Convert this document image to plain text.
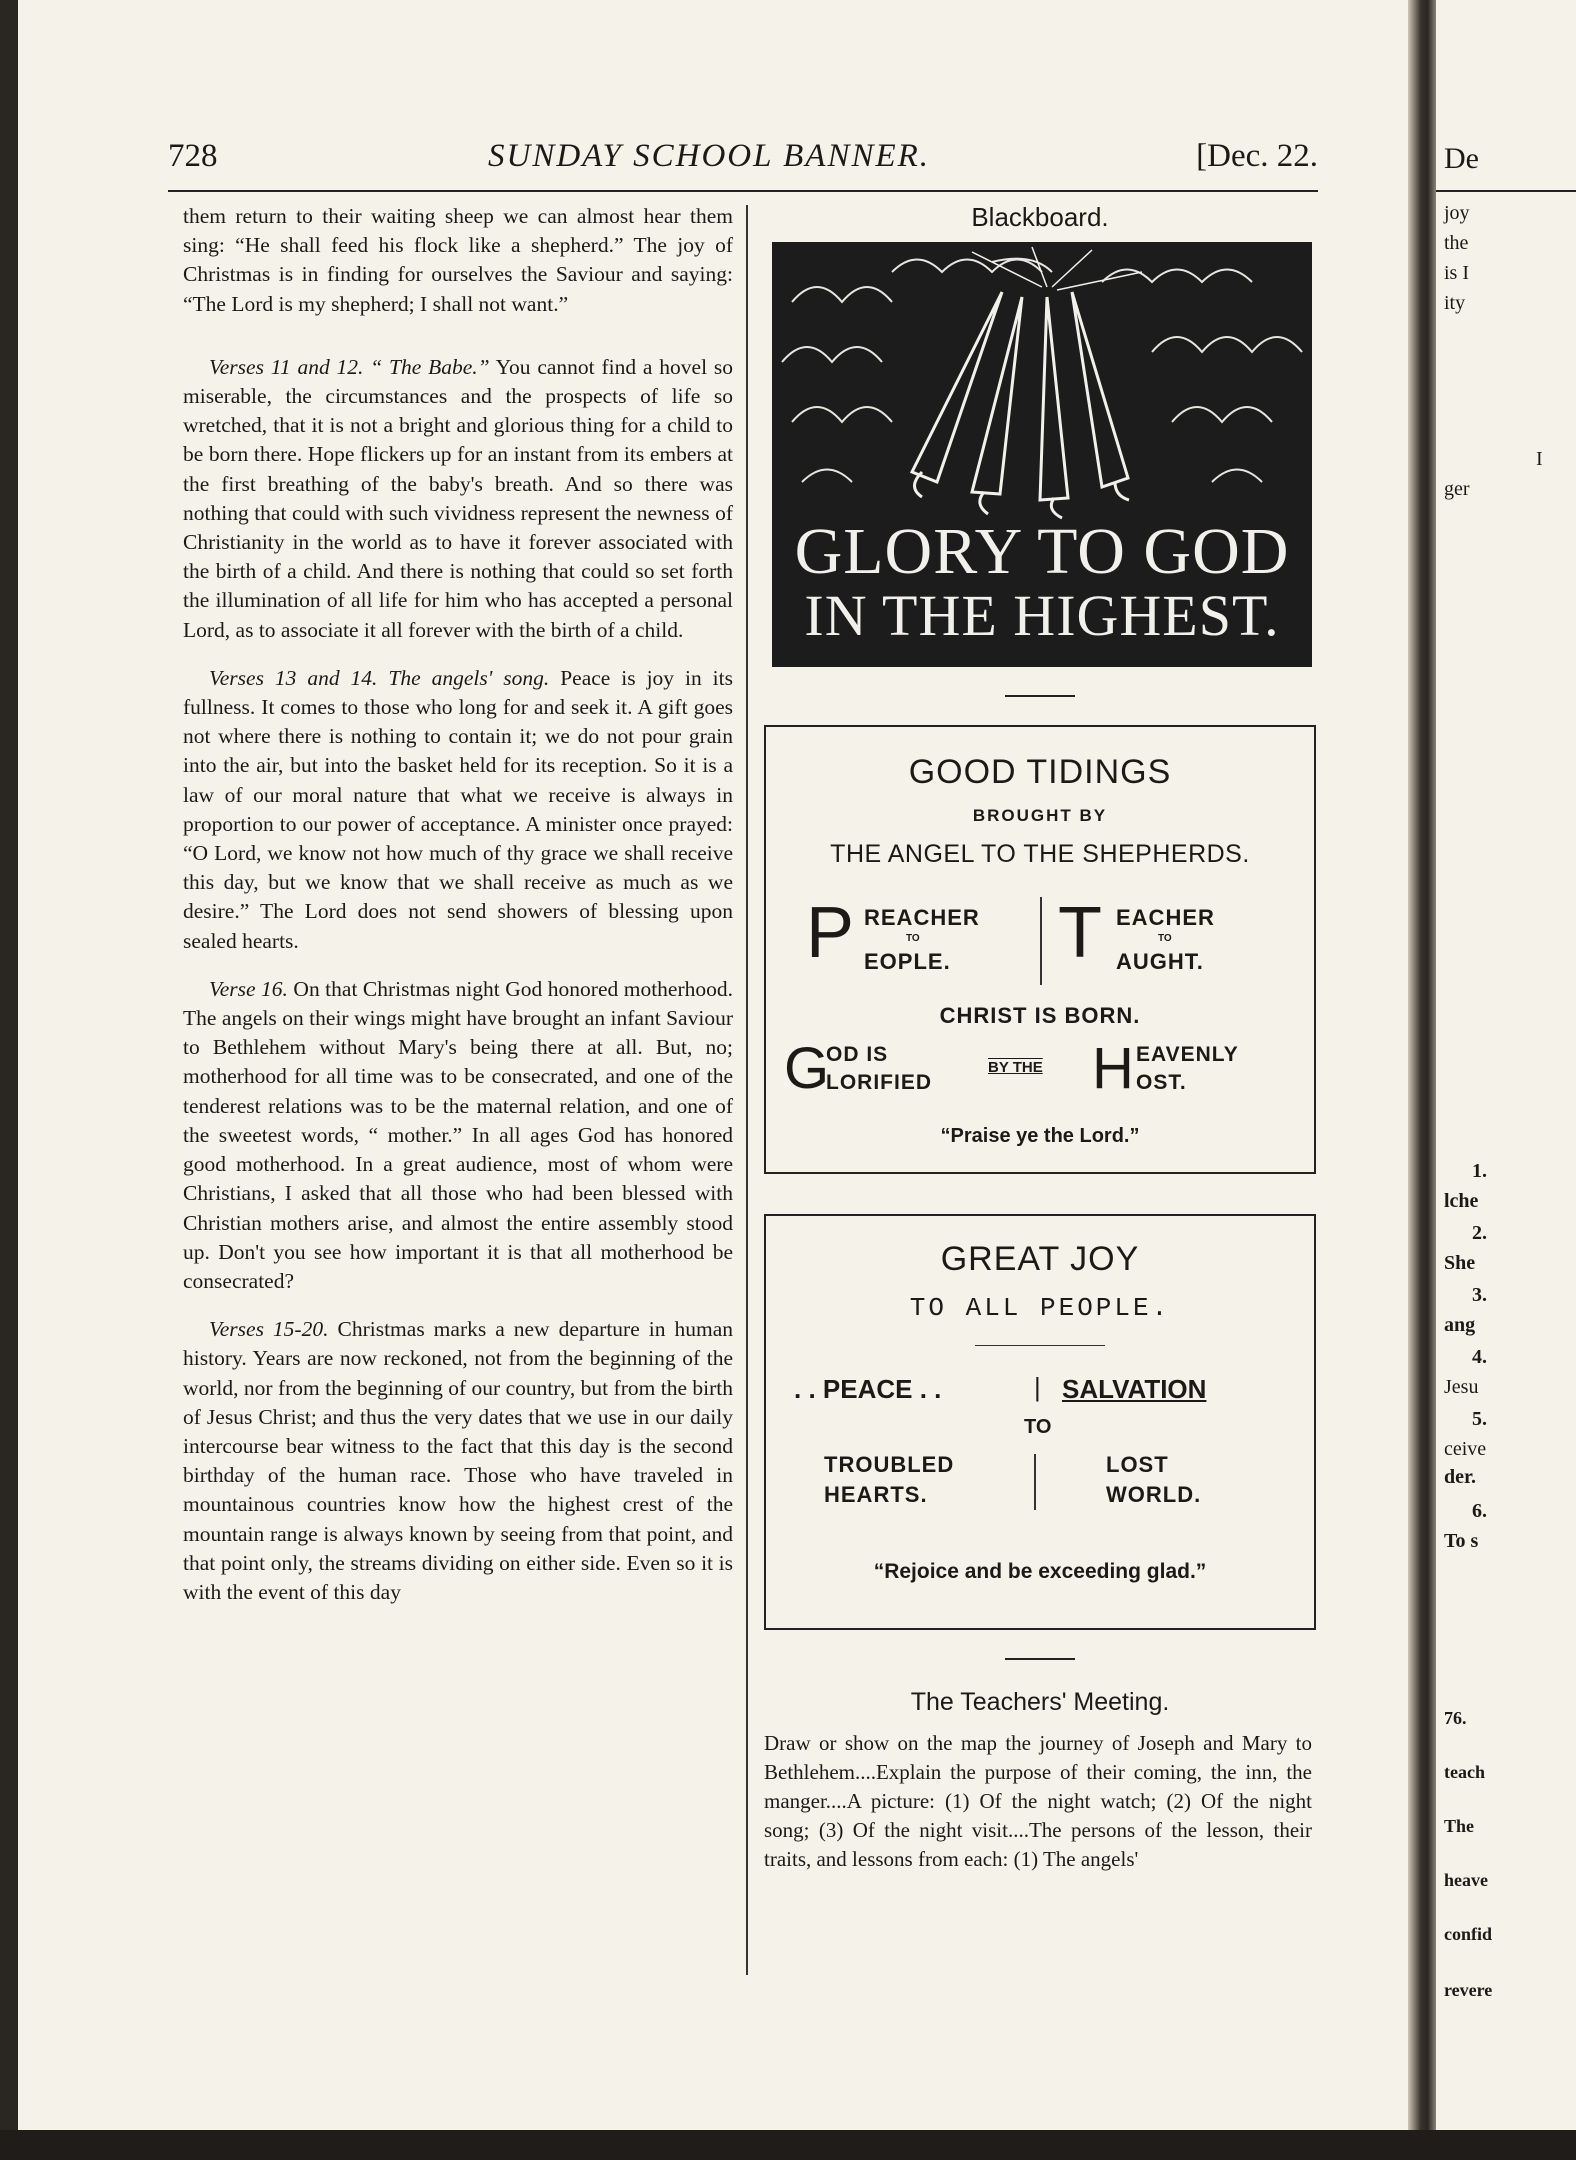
728	SUNDAY SCHOOL BANNER.	[Dec. 22.

them return to their waiting sheep we can almost hear them sing: “He shall feed his flock like a shepherd.” The joy of Christmas is in finding for ourselves the Saviour and saying: “The Lord is my shepherd; I shall not want.”

Verses 11 and 12. “ The Babe.” You cannot find a hovel so miserable, the circumstances and the prospects of life so wretched, that it is not a bright and glorious thing for a child to be born there. Hope flickers up for an instant from its embers at the first breathing of the baby's breath. And so there was nothing that could with such vividness represent the newness of Christianity in the world as to have it forever associated with the birth of a child. And there is nothing that could so set forth the illumination of all life for him who has accepted a personal Lord, as to associate it all forever with the birth of a child.

Verses 13 and 14. The angels' song. Peace is joy in its fullness. It comes to those who long for and seek it. A gift goes not where there is nothing to contain it; we do not pour grain into the air, but into the basket held for its reception. So it is a law of our moral nature that what we receive is always in proportion to our power of acceptance. A minister once prayed: “O Lord, we know not how much of thy grace we shall receive this day, but we know that we shall receive as much as we desire.” The Lord does not send showers of blessing upon sealed hearts.

Verse 16. On that Christmas night God honored motherhood. The angels on their wings might have brought an infant Saviour to Bethlehem without Mary's being there at all. But, no; motherhood for all time was to be consecrated, and one of the tenderest relations was to be the maternal relation, and one of the sweetest words, “ mother.” In all ages God has honored good motherhood. In a great audience, most of whom were Christians, I asked that all those who had been blessed with Christian mothers arise, and almost the entire assembly stood up. Don't you see how important it is that all motherhood be consecrated?

Verses 15-20. Christmas marks a new departure in human history. Years are now reckoned, not from the beginning of the world, nor from the beginning of our country, but from the birth of Jesus Christ; and thus the very dates that we use in our daily intercourse bear witness to the fact that this day is the second birthday of the human race. Those who have traveled in mountainous countries know how the highest crest of the mountain range is always known by seeing from that point, and that point only, the streams dividing on either side. Even so it is with the event of this day

Blackboard.
GLORY TO GOD
IN THE HIGHEST.
GOOD TIDINGS
BROUGHT BY
THE ANGEL TO THE SHEPHERDS.
P REACHER
TO
EOPLE. T EACHER
TO
AUGHT.
CHRIST IS BORN.
G
OD IS
LORIFIED
BY THE H EAVENLY
OST.
“Praise ye the Lord.”
GREAT JOY
TO ALL PEOPLE.
. . PEACE . .	| SALVATION
TO
TROUBLED
HEARTS.
LOST
WORLD.
“Rejoice and be exceeding glad.”
The Teachers' Meeting.

Draw or show on the map the journey of Joseph and Mary to Bethlehem....Explain the purpose of their coming, the inn, the manger....A picture: (1) Of the night watch; (2) Of the night song; (3) Of the night visit....The persons of the lesson, their traits, and lessons from each: (1) The angels'

De
joy
the
is I
ity
I
ger
1.
lche
2.
She
3.
ang
4.
Jesu
5.
ceive
der.
6.
To s
76.
teach
The
heave
confid
revere
